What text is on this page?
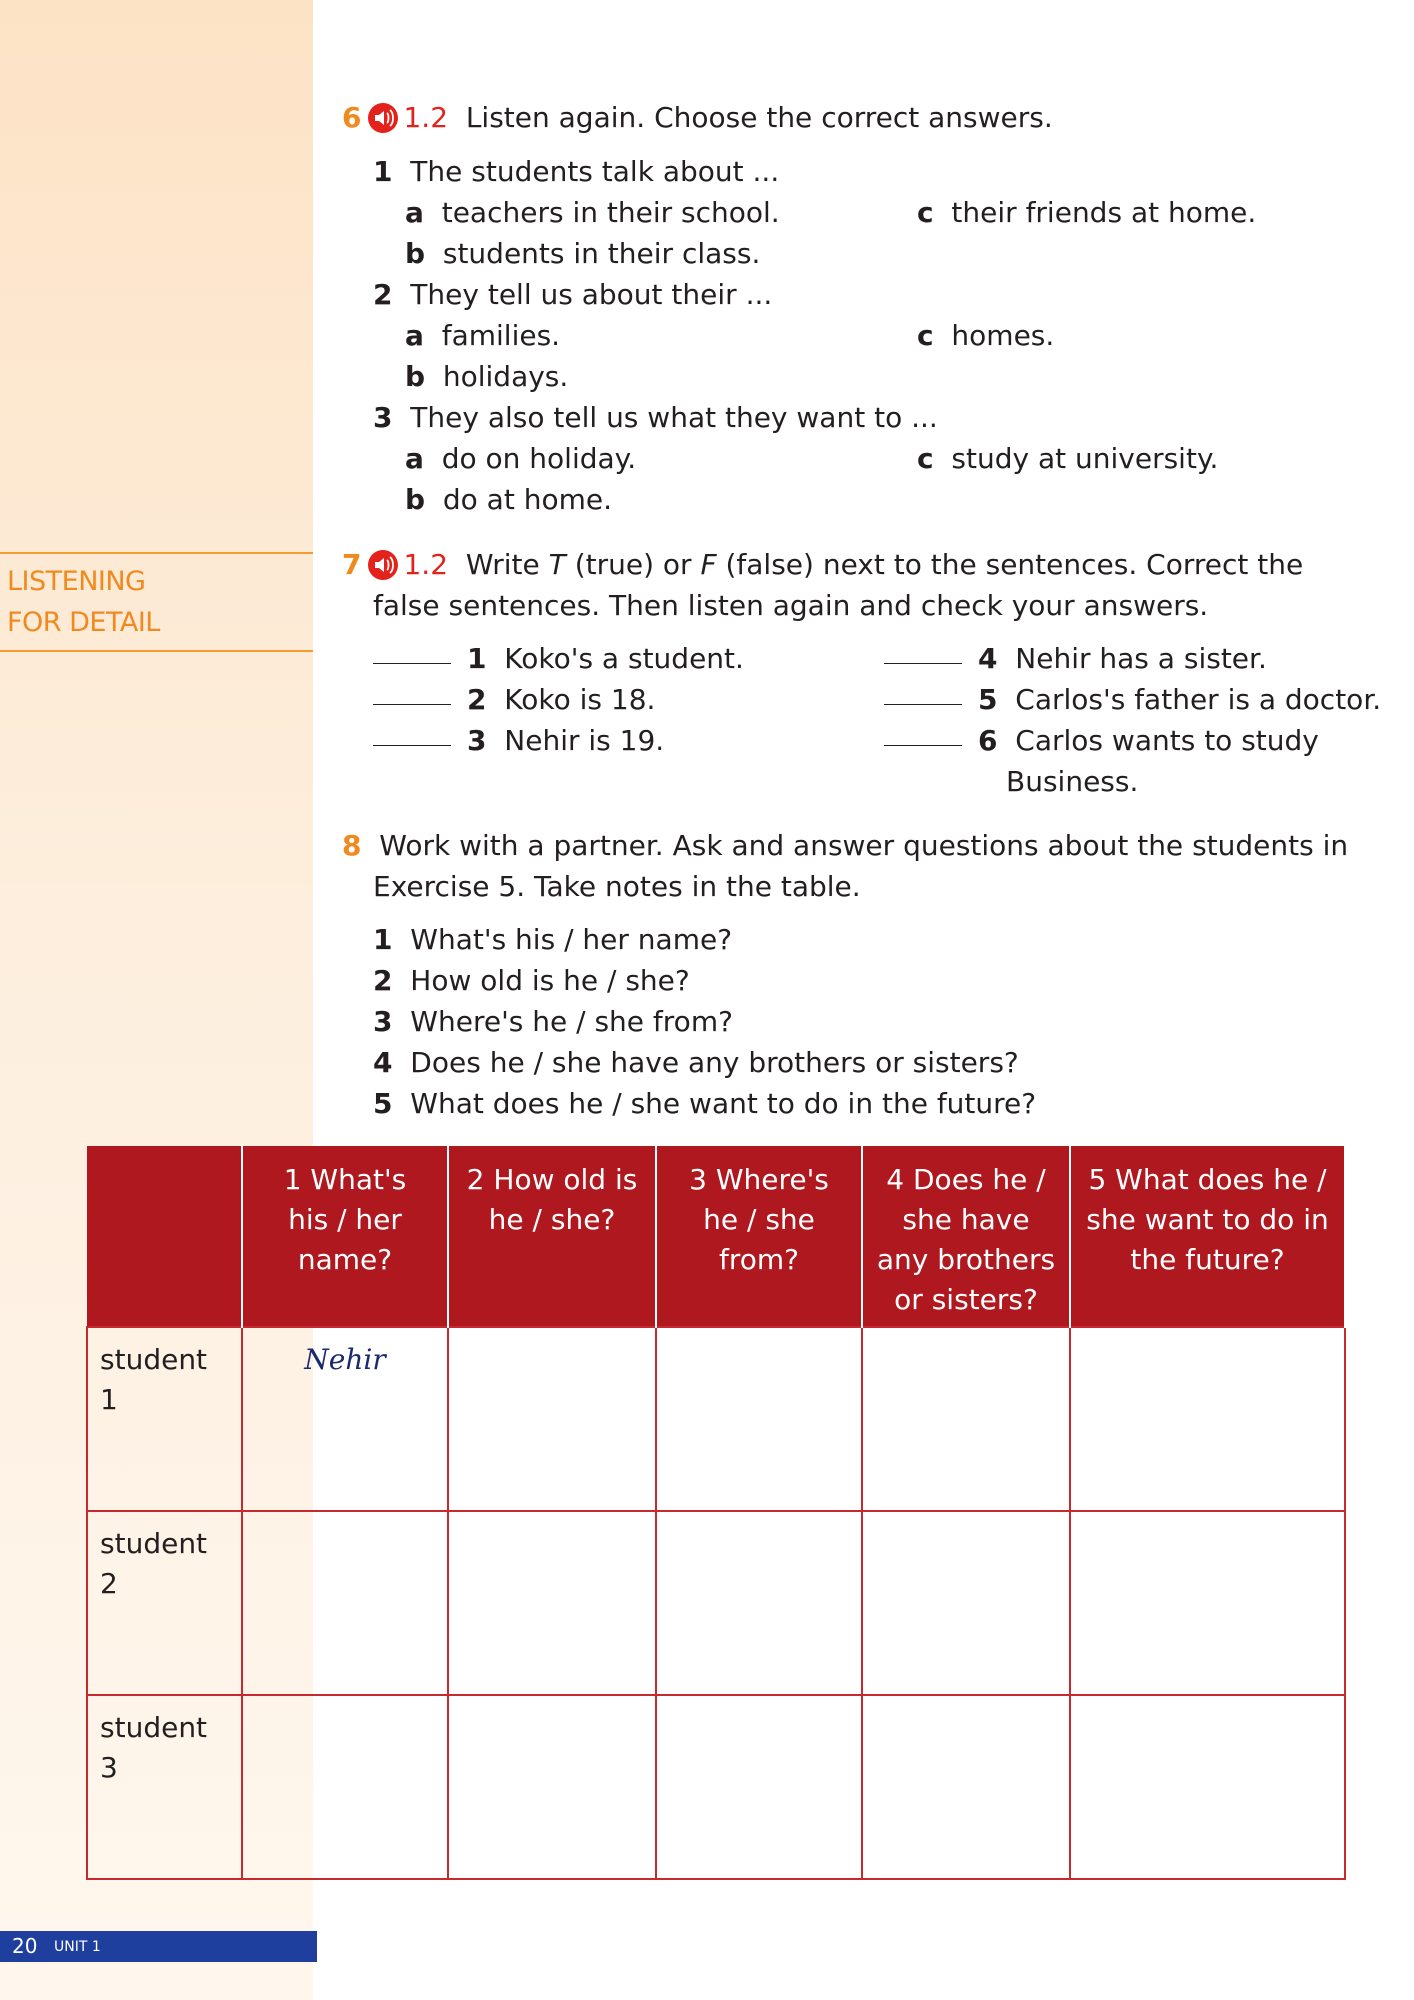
LISTENING
FOR DETAIL
6 1.2 Listen again. Choose the correct answers.
1 The students talk about ...
a teachers in their school.
b students in their class.
c their friends at home.
2 They tell us about their ...
a families.
b holidays.
c homes.
3 They also tell us what they want to ...
a do on holiday.
b do at home.
c study at university.
7 1.2 Write T (true) or F (false) next to the sentences. Correct the
false sentences. Then listen again and check your answers.
1 Koko's a student.
2 Koko is 18.
3 Nehir is 19.
4 Nehir has a sister.
5 Carlos's father is a doctor.
6 Carlos wants to study
Business.
8 Work with a partner. Ask and answer questions about the students in
Exercise 5. Take notes in the table.
1 What's his / her name?
2 How old is he / she?
3 Where's he / she from?
4 Does he / she have any brothers or sisters?
5 What does he / she want to do in the future?
	1 What's
his / her
name?	2 How old is
he / she?	3 Where's
he / she
from?	4 Does he /
she have
any brothers
or sisters?	5 What does he /
she want to do in
the future?
student 1	Nehir				

student 2					
student 3					
20 UNIT 1
